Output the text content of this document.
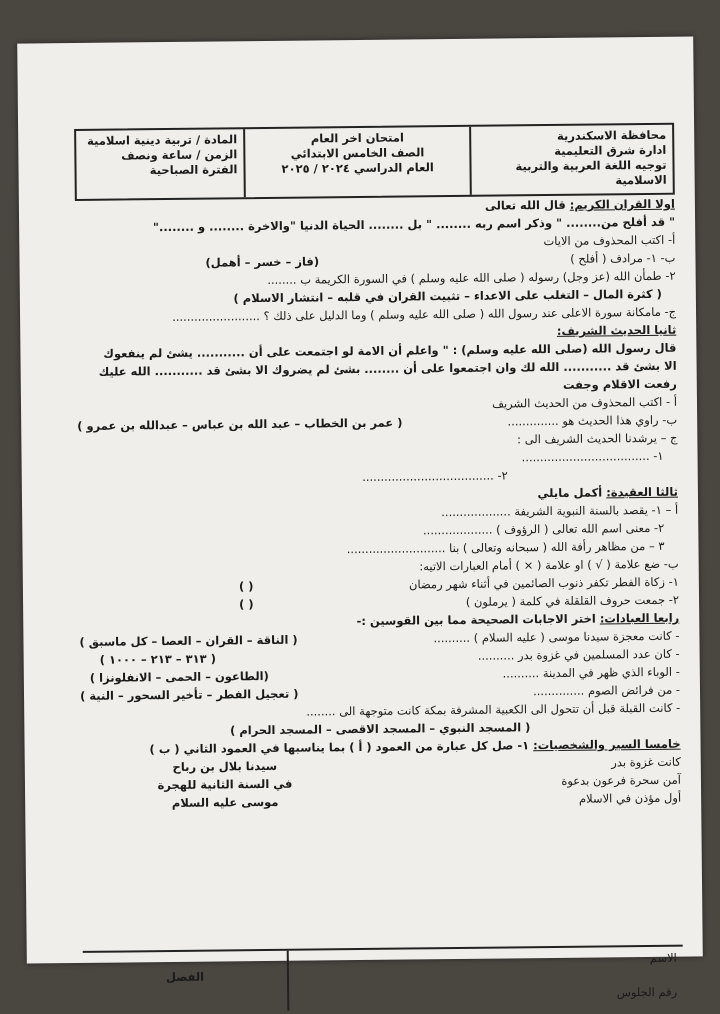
محافظة الاسكندرية
ادارة شرق التعليمية
توجيه اللغة العربية والتربية الاسلامية
امتحان اخر العام
الصف الخامس الابتدائي
العام الدراسي ٢٠٢٤ / ٢٠٢٥
المادة / تربية دينية اسلامية
الزمن / ساعة ونصف
الفترة الصباحية
اولا القران الكريم: قال الله تعالى
" قد أفلح من........ " وذكر اسم ربه ........ " بل ........ الحياة الدنيا "والاخرة ........ و ........"
أ- اكتب المحذوف من الايات
ب- ١- مرادف ( أفلح )
(فاز – خسر – أهمل)
٢- طمأن الله (عز وجل) رسوله ( صلى الله عليه وسلم ) في السورة الكريمة ب ........
( كثرة المال – التغلب على الاعداء – تثبيت القران في قلبه – انتشار الاسلام )
ج- مامكانة سورة الاعلى عند رسول الله ( صلى الله عليه وسلم ) وما الدليل على ذلك ؟ ........................
ثانيا الحديث الشريف:
قال رسول الله (صلى الله عليه وسلم) : " واعلم أن الامة لو اجتمعت على أن ........... يشئ لم ينفعوك
الا بشئ قد ........... الله لك وان اجتمعوا على أن ........ بشئ لم يضروك الا بشئ قد ........... الله عليك
رفعت الاقلام وجفت
أ - اكتب المحذوف من الحديث الشريف
ب- راوي هذا الحديث هو ..............
( عمر بن الخطاب – عبد الله بن عباس – عبدالله بن عمرو )
ج – يرشدنا الحديث الشريف الى :
١- ...................................
٢- ....................................
ثالثا العقيدة: أكمل مايلي
أ – ١- يقصد بالسنة النبوية الشريفة ...................
٢- معنى اسم الله تعالى ( الرؤوف ) ...................
٣ – من مظاهر رأفة الله ( سبحانه وتعالى ) بنا ...........................
ب- ضع علامة ( √ ) او علامة ( × ) أمام العبارات الاتيه:
١- زكاة الفطر تكفر ذنوب الصائمين في أثناء شهر رمضان
( )
٢- جمعت حروف القلقلة في كلمة ( يرملون )
( )
رابعا العبادات: اختر الاجابات الصحيحة مما بين القوسين :-
- كانت معجزة سيدنا موسى ( عليه السلام ) ..........
( الناقة – القران – العصا – كل ماسبق )
- كان عدد المسلمين في غزوة بدر ..........
( ٣١٣ – ٢١٣ – ١٠٠٠ )
- الوباء الذي ظهر في المدينة ..........
(الطاعون – الحمى – الانفلونزا )
- من فرائض الصوم ..............
( تعجيل الفطر – تأخير السحور – النية )
- كانت القبلة قبل أن تتحول الى الكعبية المشرفة بمكة كانت متوجهة الى ........
( المسجد النبوي – المسجد الاقصى – المسجد الحرام )
خامسا السير والشخصيات: ١- صل كل عبارة من العمود ( أ ) بما يناسبها في العمود الثاني ( ب )
كانت غزوة بدر
سيدنا بلال بن رباح
آمن سحرة فرعون بدعوة
في السنة الثانية للهجرة
أول مؤذن في الاسلام
موسى عليه السلام
الاسم
رقم الجلوس
الفصل
